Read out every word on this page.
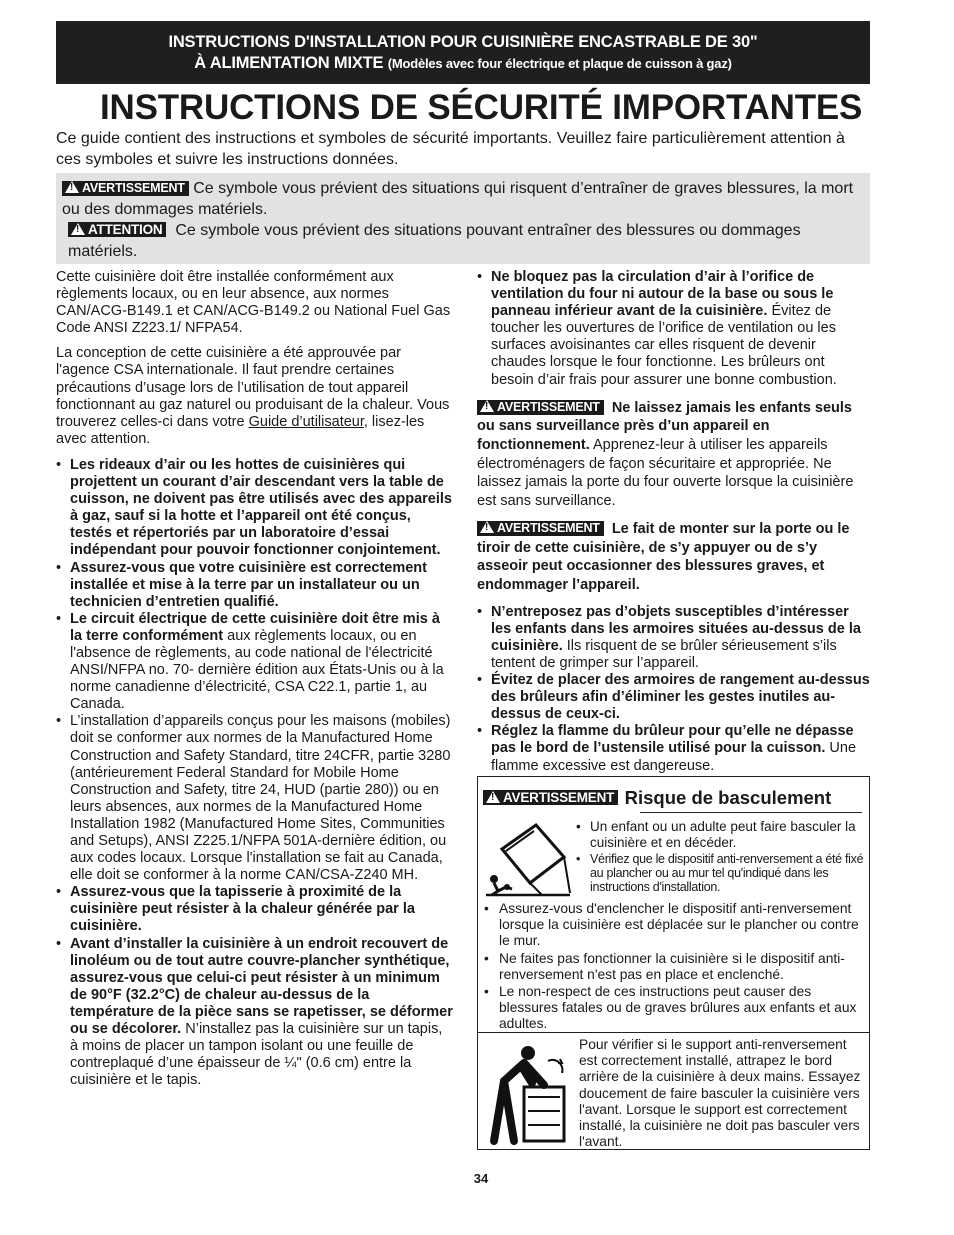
INSTRUCTIONS D'INSTALLATION POUR CUISINIÈRE ENCASTRABLE DE 30"
À ALIMENTATION MIXTE (Modèles avec four électrique et plaque de cuisson à gaz)
INSTRUCTIONS DE SÉCURITÉ IMPORTANTES
Ce guide contient des instructions et symboles de sécurité importants. Veuillez faire particulièrement attention à ces symboles et suivre les instructions données.

!AVERTISSEMENT Ce symbole vous prévient des situations qui risquent d’entraîner de graves blessures, la mort ou des dommages matériels.

!ATTENTION Ce symbole vous prévient des situations pouvant entraîner des blessures ou dommages matériels.

Cette cuisinière doit être installée conformément aux règlements locaux, ou en leur absence, aux normes CAN/ACG-B149.1 et CAN/ACG-B149.2 ou National Fuel Gas Code ANSI Z223.1/ NFPA54.

La conception de cette cuisinière a été approuvée par l'agence CSA internationale. Il faut prendre certaines précautions d’usage lors de l’utilisation de tout appareil fonctionnant au gaz naturel ou produisant de la chaleur. Vous trouverez celles-ci dans votre Guide d’utilisateur, lisez-les avec attention.

• Les rideaux d’air ou les hottes de cuisinières qui projettent un courant d’air descendant vers la table de cuisson, ne doivent pas être utilisés avec des appareils à gaz, sauf si la hotte et l’appareil ont été conçus, testés et répertoriés par un laboratoire d’essai indépendant pour pouvoir fonctionner conjointement.
• Assurez-vous que votre cuisinière est correctement installée et mise à la terre par un installateur ou un technicien d’entretien qualifié.
• Le circuit électrique de cette cuisinière doit être mis à la terre conformément aux règlements locaux, ou en l'absence de règlements, au code national de l'électricité ANSI/NFPA no. 70- dernière édition aux États-Unis ou à la norme canadienne d’électricité, CSA C22.1, partie 1, au Canada.
• L’installation d’appareils conçus pour les maisons (mobiles) doit se conformer aux normes de la Manufactured Home Construction and Safety Standard, titre 24CFR, partie 3280 (antérieurement Federal Standard for Mobile Home Construction and Safety, titre 24, HUD (partie 280)) ou en leurs absences, aux normes de la Manufactured Home Installation 1982 (Manufactured Home Sites, Communities and Setups), ANSI Z225.1/NFPA 501A-dernière édition, ou aux codes locaux. Lorsque l'installation se fait au Canada, elle doit se conformer à la norme CAN/CSA-Z240 MH.
• Assurez-vous que la tapisserie à proximité de la cuisinière peut résister à la chaleur générée par la cuisinière.
• Avant d’installer la cuisinière à un endroit recouvert de linoléum ou de tout autre couvre-plancher synthétique, assurez-vous que celui-ci peut résister à un minimum de 90°F (32.2°C) de chaleur au-dessus de la température de la pièce sans se rapetisser, se déformer ou se décolorer. N’installez pas la cuisinière sur un tapis, à moins de placer un tampon isolant ou une feuille de contreplaqué d’une épaisseur de ¼" (0.6 cm) entre la cuisinière et le tapis.
• Ne bloquez pas la circulation d’air à l’orifice de ventilation du four ni autour de la base ou sous le panneau inférieur avant de la cuisinière. Évitez de toucher les ouvertures de l’orifice de ventilation ou les surfaces avoisinantes car elles risquent de devenir chaudes lorsque le four fonctionne. Les brûleurs ont besoin d’air frais pour assurer une bonne combustion.

!AVERTISSEMENT Ne laissez jamais les enfants seuls ou sans surveillance près d’un appareil en fonctionnement. Apprenez-leur à utiliser les appareils électroménagers de façon sécuritaire et appropriée. Ne laissez jamais la porte du four ouverte lorsque la cuisinière est sans surveillance.

!AVERTISSEMENT Le fait de monter sur la porte ou le tiroir de cette cuisinière, de s’y appuyer ou de s’y asseoir peut occasionner des blessures graves, et endommager l’appareil.

• N’entreposez pas d’objets susceptibles d’intéresser les enfants dans les armoires situées au-dessus de la cuisinière. Ils risquent de se brûler sérieusement s’ils tentent de grimper sur l’appareil.
• Évitez de placer des armoires de rangement au-dessus des brûleurs afin d’éliminer les gestes inutiles au-dessus de ceux-ci.
• Réglez la flamme du brûleur pour qu’elle ne dépasse pas le bord de l’ustensile utilisé pour la cuisson. Une flamme excessive est dangereuse.
!AVERTISSEMENT Risque de basculement
• Un enfant ou un adulte peut faire basculer la cuisinière et en décéder.
• Vérifiez que le dispositif anti-renversement a été fixé au plancher ou au mur tel qu'indiqué dans les instructions d'installation.
• Assurez-vous d'enclencher le dispositif anti-renversement lorsque la cuisinière est déplacée sur le plancher ou contre le mur.
• Ne faites pas fonctionner la cuisinière si le dispositif anti-renversement n'est pas en place et enclenché.
• Le non-respect de ces instructions peut causer des blessures fatales ou de graves brûlures aux enfants et aux adultes.
Pour vérifier si le support anti-renversement est correctement installé, attrapez le bord arrière de la cuisinière à deux mains. Essayez doucement de faire basculer la cuisinière vers l'avant. Lorsque le support est correctement installé, la cuisinière ne doit pas basculer vers l'avant.
34
